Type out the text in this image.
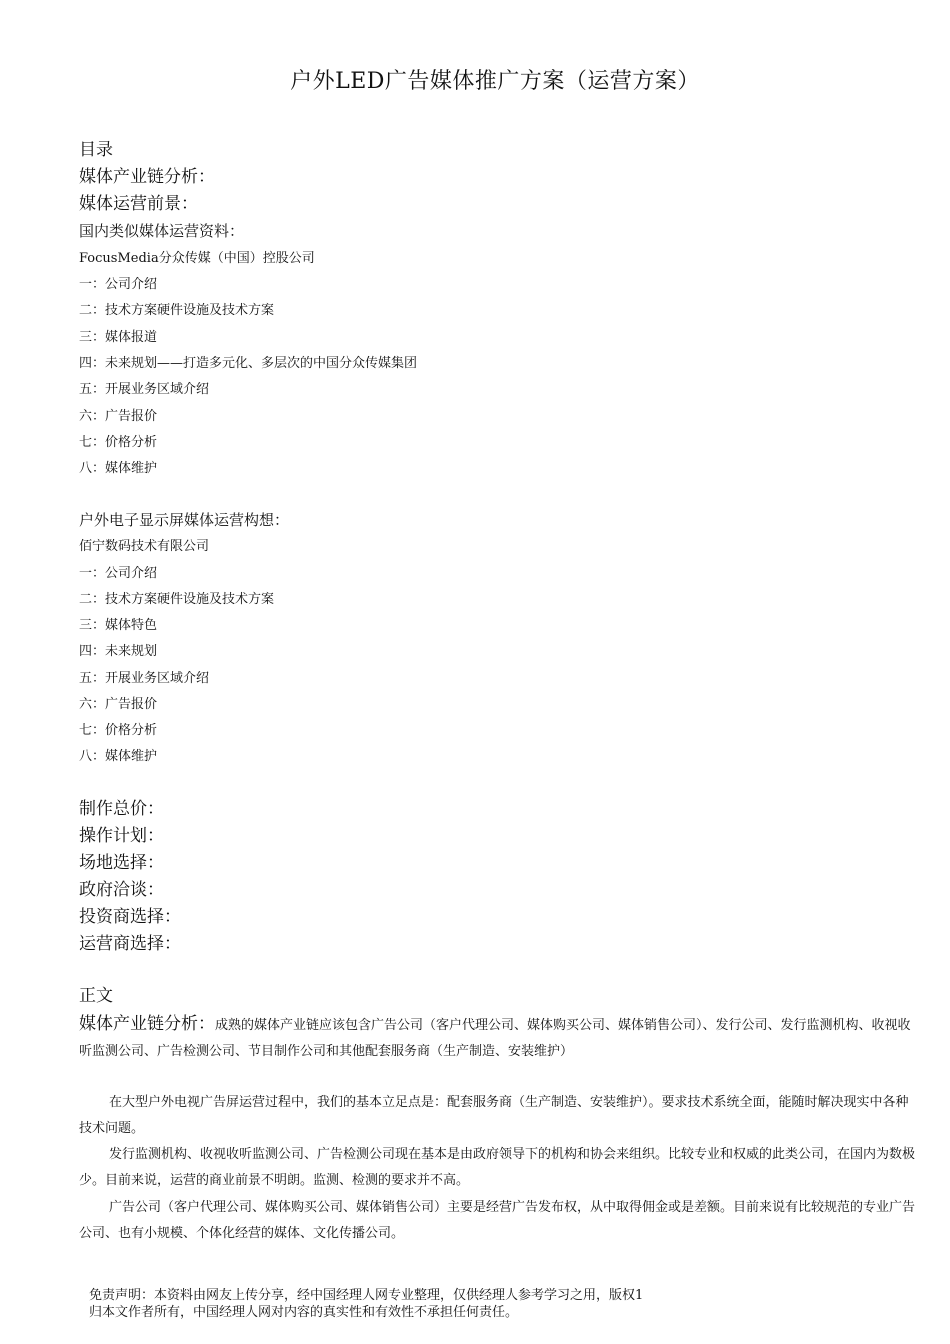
户外LED广告媒体推广方案（运营方案）
目录
媒体产业链分析：
媒体运营前景：
国内类似媒体运营资料：
FocusMedia分众传媒（中国）控股公司
一：公司介绍
二：技术方案硬件设施及技术方案
三：媒体报道
四：未来规划——打造多元化、多层次的中国分众传媒集团
五：开展业务区域介绍
六：广告报价
七：价格分析
八：媒体维护
户外电子显示屏媒体运营构想：
佰宁数码技术有限公司
一：公司介绍
二：技术方案硬件设施及技术方案
三：媒体特色
四：未来规划
五：开展业务区域介绍
六：广告报价
七：价格分析
八：媒体维护
制作总价：
操作计划：
场地选择：
政府洽谈：
投资商选择：
运营商选择：
正文
媒体产业链分析：成熟的媒体产业链应该包含广告公司（客户代理公司、媒体购买公司、媒体销售公司）、发行公司、发行监测机构、收视收听监测公司、广告检测公司、节目制作公司和其他配套服务商（生产制造、安装维护）
在大型户外电视广告屏运营过程中，我们的基本立足点是：配套服务商（生产制造、安装维护）。要求技术系统全面，能随时解决现实中各种技术问题。
发行监测机构、收视收听监测公司、广告检测公司现在基本是由政府领导下的机构和协会来组织。比较专业和权威的此类公司，在国内为数极少。目前来说，运营的商业前景不明朗。监测、检测的要求并不高。
广告公司（客户代理公司、媒体购买公司、媒体销售公司）主要是经营广告发布权，从中取得佣金或是差额。目前来说有比较规范的专业广告公司、也有小规模、个体化经营的媒体、文化传播公司。
免责声明：本资料由网友上传分享，经中国经理人网专业整理，仅供经理人参考学习之用，版权1
归本文作者所有，中国经理人网对内容的真实性和有效性不承担任何责任。
